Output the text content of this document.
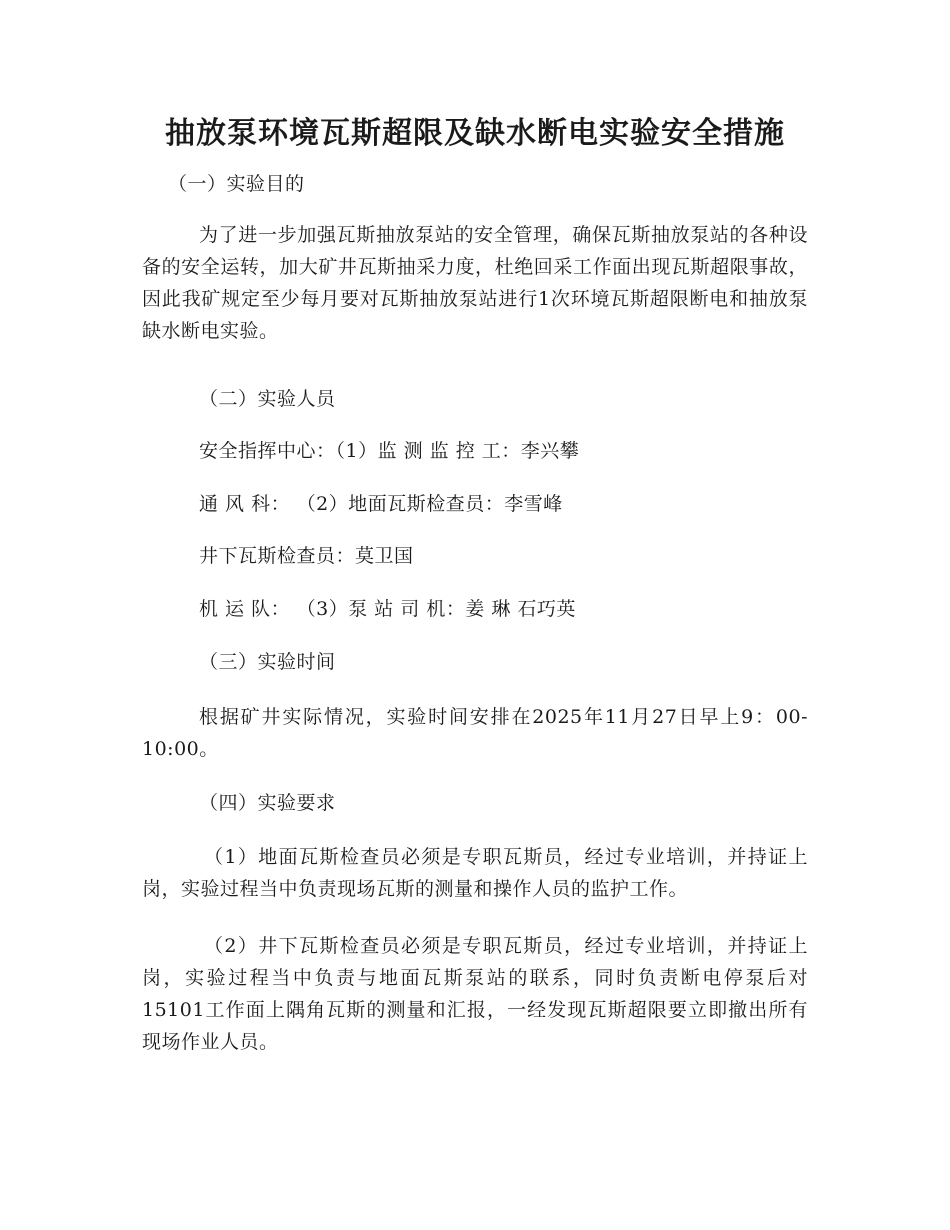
抽放泵环境瓦斯超限及缺水断电实验安全措施
（一）实验目的

为了进一步加强瓦斯抽放泵站的安全管理，确保瓦斯抽放泵站的各种设备的安全运转，加大矿井瓦斯抽采力度，杜绝回采工作面出现瓦斯超限事故，因此我矿规定至少每月要对瓦斯抽放泵站进行1次环境瓦斯超限断电和抽放泵缺水断电实验。

（二）实验人员
安全指挥中心：（1）监 测 监 控 工：李兴攀
通 风 科： （2）地面瓦斯检查员：李雪峰
井下瓦斯检查员：莫卫国
机 运 队： （3）泵 站 司 机：姜 琳 石巧英
（三）实验时间

根据矿井实际情况，实验时间安排在2025年11月27日早上9：00-10:00。

（四）实验要求

（1）地面瓦斯检查员必须是专职瓦斯员，经过专业培训，并持证上岗，实验过程当中负责现场瓦斯的测量和操作人员的监护工作。

（2）井下瓦斯检查员必须是专职瓦斯员，经过专业培训，并持证上岗，实验过程当中负责与地面瓦斯泵站的联系，同时负责断电停泵后对15101工作面上隅角瓦斯的测量和汇报，一经发现瓦斯超限要立即撤出所有现场作业人员。
